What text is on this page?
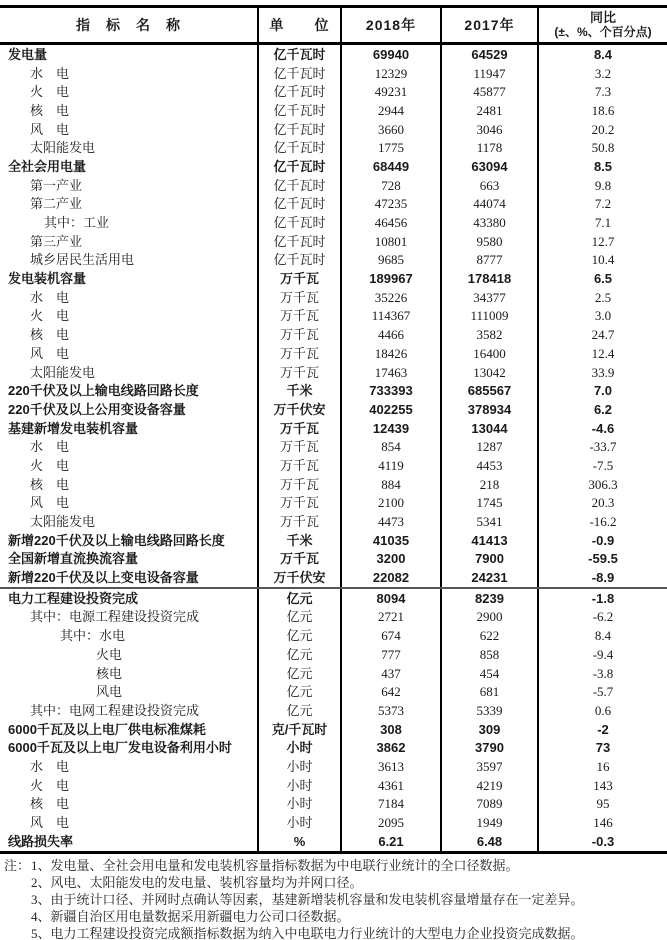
指　标　名　称	单　　位	2018年	2017年	同比
(±、%、个百分点)
发电量	亿千瓦时	69940	64529	8.4
水　电	亿千瓦时	12329	11947	3.2
火　电	亿千瓦时	49231	45877	7.3
核　电	亿千瓦时	2944	2481	18.6
风　电	亿千瓦时	3660	3046	20.2
太阳能发电	亿千瓦时	1775	1178	50.8
全社会用电量	亿千瓦时	68449	63094	8.5
第一产业	亿千瓦时	728	663	9.8
第二产业	亿千瓦时	47235	44074	7.2
其中：工业	亿千瓦时	46456	43380	7.1
第三产业	亿千瓦时	10801	9580	12.7
城乡居民生活用电	亿千瓦时	9685	8777	10.4
发电装机容量	万千瓦	189967	178418	6.5
水　电	万千瓦	35226	34377	2.5
火　电	万千瓦	114367	111009	3.0
核　电	万千瓦	4466	3582	24.7
风　电	万千瓦	18426	16400	12.4
太阳能发电	万千瓦	17463	13042	33.9
220千伏及以上输电线路回路长度	千米	733393	685567	7.0
220千伏及以上公用变设备容量	万千伏安	402255	378934	6.2
基建新增发电装机容量	万千瓦	12439	13044	-4.6
水　电	万千瓦	854	1287	-33.7
火　电	万千瓦	4119	4453	-7.5
核　电	万千瓦	884	218	306.3
风　电	万千瓦	2100	1745	20.3
太阳能发电	万千瓦	4473	5341	-16.2
新增220千伏及以上输电线路回路长度	千米	41035	41413	-0.9
全国新增直流换流容量	万千瓦	3200	7900	-59.5
新增220千伏及以上变电设备容量	万千伏安	22082	24231	-8.9
电力工程建设投资完成	亿元	8094	8239	-1.8
其中：电源工程建设投资完成	亿元	2721	2900	-6.2
其中：水电	亿元	674	622	8.4
火电	亿元	777	858	-9.4
核电	亿元	437	454	-3.8
风电	亿元	642	681	-5.7
其中：电网工程建设投资完成	亿元	5373	5339	0.6
6000千瓦及以上电厂供电标准煤耗	克/千瓦时	308	309	-2
6000千瓦及以上电厂发电设备利用小时	小时	3862	3790	73
水　电	小时	3613	3597	16
火　电	小时	4361	4219	143
核　电	小时	7184	7089	95
风　电	小时	2095	1949	146
线路损失率	%	6.21	6.48	-0.3
注： 1、发电量、全社会用电量和发电装机容量指标数据为中电联行业统计的全口径数据。
2、风电、太阳能发电的发电量、装机容量均为并网口径。
3、由于统计口径、并网时点确认等因素，基建新增装机容量和发电装机容量增量存在一定差异。
4、新疆自治区用电量数据采用新疆电力公司口径数据。
5、电力工程建设投资完成额指标数据为纳入中电联电力行业统计的大型电力企业投资完成数据。
